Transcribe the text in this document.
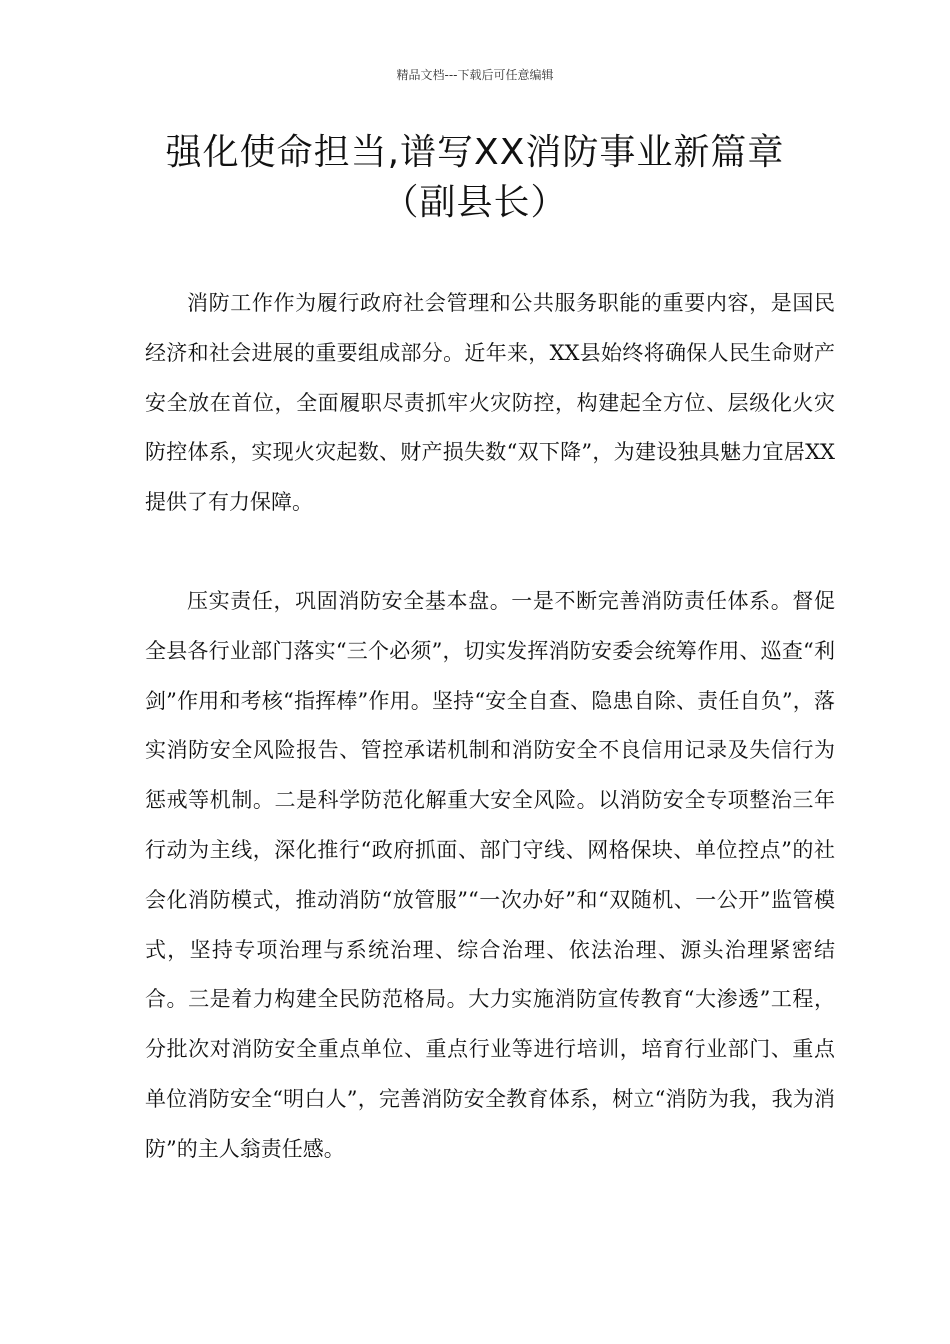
精品文档---下载后可任意编辑
强化使命担当,谱写XX消防事业新篇章
（副县长）

消防工作作为履行政府社会管理和公共服务职能的重要内容，是国民经济和社会进展的重要组成部分。近年来，XX县始终将确保人民生命财产安全放在首位，全面履职尽责抓牢火灾防控，构建起全方位、层级化火灾防控体系，实现火灾起数、财产损失数“双下降”，为建设独具魅力宜居XX提供了有力保障。

压实责任，巩固消防安全基本盘。一是不断完善消防责任体系。督促全县各行业部门落实“三个必须”，切实发挥消防安委会统筹作用、巡查“利剑”作用和考核“指挥棒”作用。坚持“安全自查、隐患自除、责任自负”，落实消防安全风险报告、管控承诺机制和消防安全不良信用记录及失信行为惩戒等机制。二是科学防范化解重大安全风险。以消防安全专项整治三年行动为主线，深化推行“政府抓面、部门守线、网格保块、单位控点”的社会化消防模式，推动消防“放管服”“一次办好”和“双随机、一公开”监管模式，坚持专项治理与系统治理、综合治理、依法治理、源头治理紧密结合。三是着力构建全民防范格局。大力实施消防宣传教育“大渗透”工程，分批次对消防安全重点单位、重点行业等进行培训，培育行业部门、重点单位消防安全“明白人”，完善消防安全教育体系，树立“消防为我，我为消防”的主人翁责任感。
